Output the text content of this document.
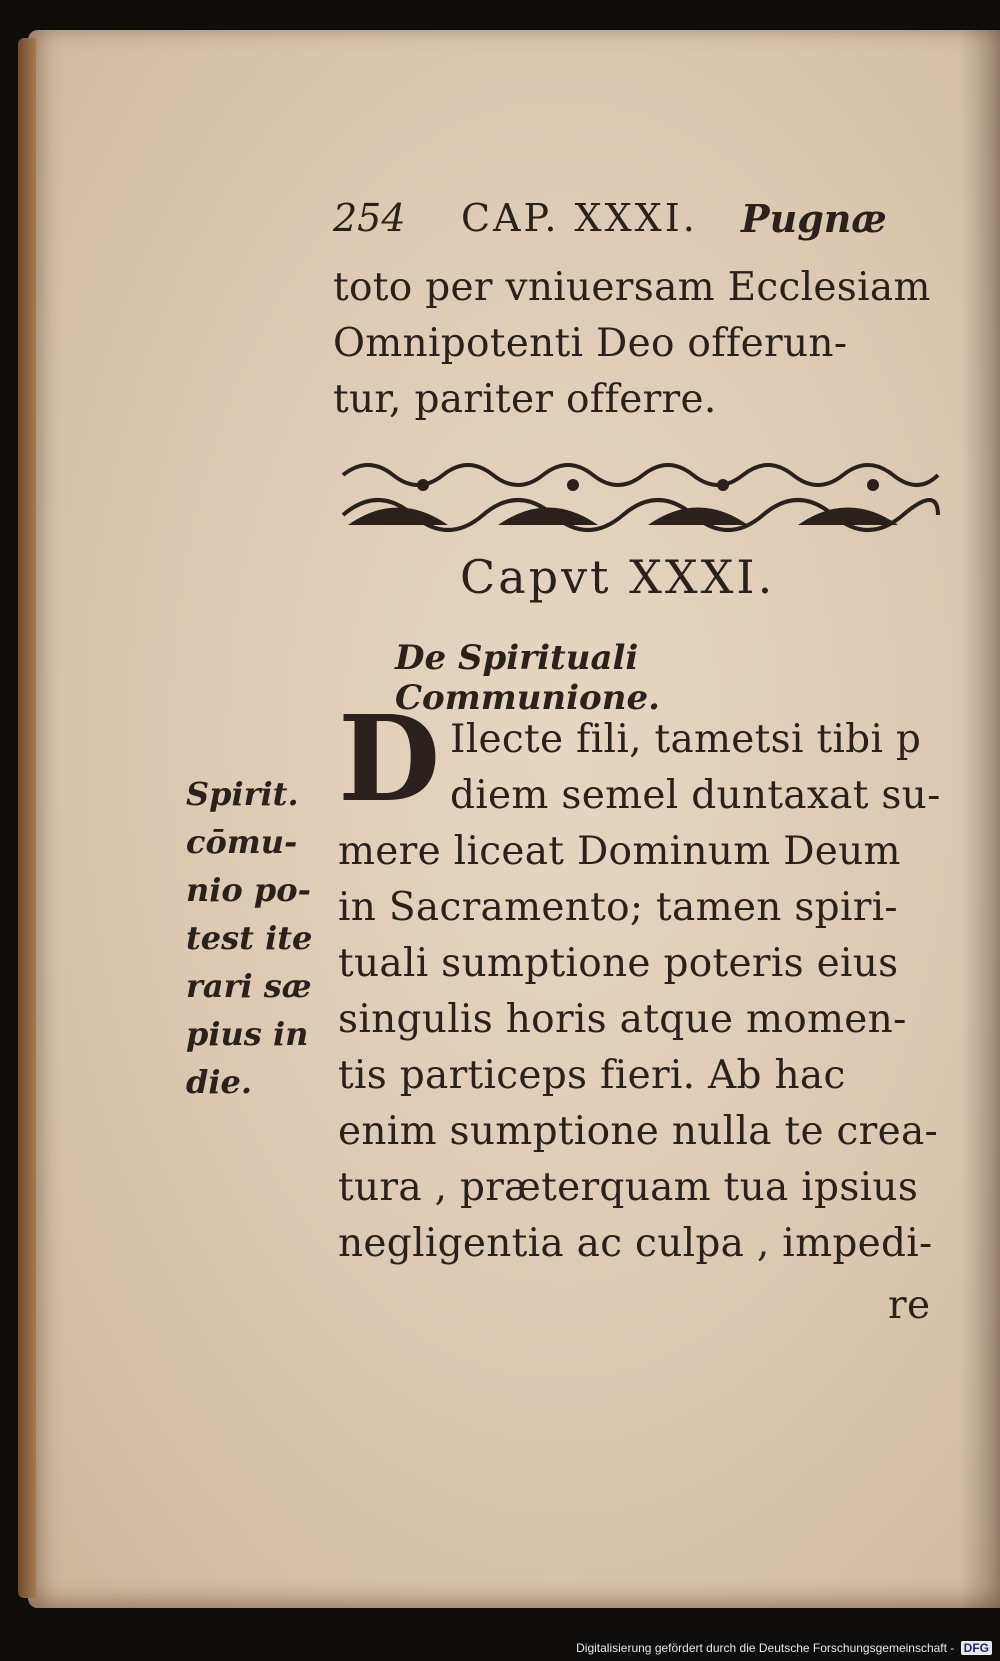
254 CAP. XXXI. Pugnæ
toto per vniuersam Ecclesiam
Omnipotenti Deo offerun-
tur, pariter offerre.
Capvt XXXI.
De Spirituali Communione.
D Ilecte fili, tametsi tibi p
diem semel duntaxat su-
mere liceat Dominum Deum
in Sacramento; tamen spiri-
tuali sumptione poteris eius
singulis horis atque momen-
tis particeps fieri. Ab hac
enim sumptione nulla te crea-
tura , præterquam tua ipsius
negligentia ac culpa , impedi-
re
Spirit.
cōmu-
nio po-
test ite
rari sæ
pius in
die.
Digitalisierung gefördert durch die Deutsche Forschungsgemeinschaft - DFG
